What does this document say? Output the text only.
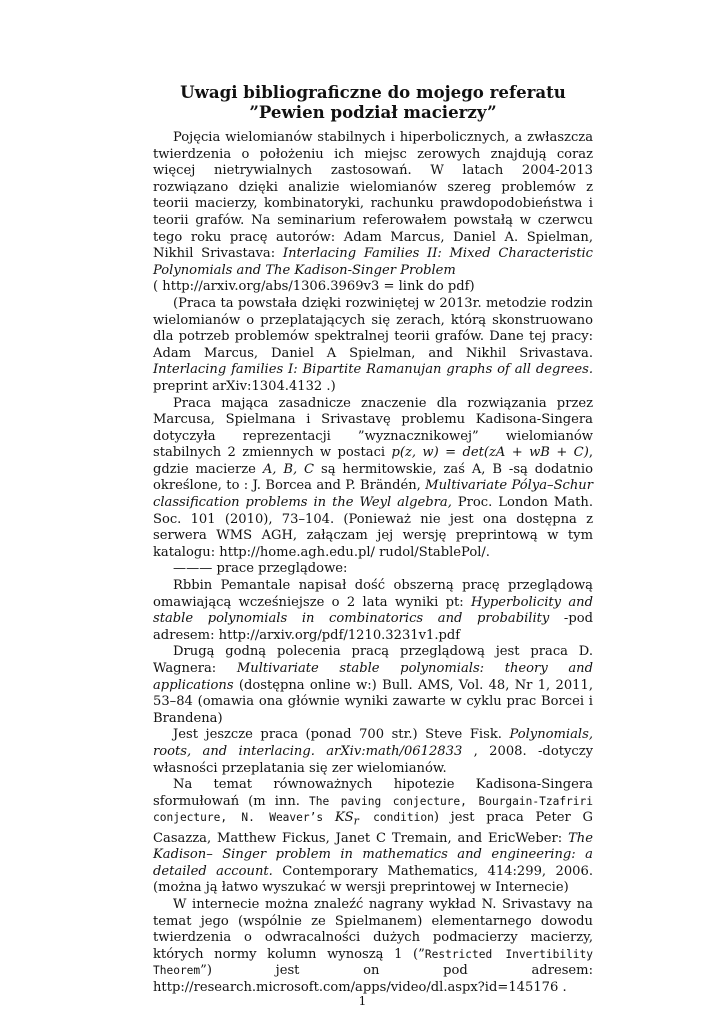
Uwagi bibliograficzne do mojego referatu ”Pewien podział macierzy”

Pojęcia wielomianów stabilnych i hiperbolicznych, a zwłaszcza twierdzenia o położeniu ich miejsc zerowych znajdują coraz więcej nietrywialnych zastosowań. W latach 2004-2013 rozwiązano dzięki analizie wielomianów szereg problemów z teorii macierzy, kombinatoryki, rachunku prawdopodobieństwa i teorii grafów. Na seminarium referowałem powstałą w czerwcu tego roku pracę autorów: Adam Marcus, Daniel A. Spielman, Nikhil Srivastava: Interlacing Families II: Mixed Characteristic Polynomials and The Kadison-Singer Problem

( http://arxiv.org/abs/1306.3969v3 = link do pdf)

(Praca ta powstała dzięki rozwiniętej w 2013r. metodzie rodzin wielomianów o przeplatających się zerach, którą skonstruowano dla potrzeb problemów spektralnej teorii grafów. Dane tej pracy: Adam Marcus, Daniel A Spielman, and Nikhil Srivastava. Interlacing families I: Bipartite Ramanujan graphs of all degrees. preprint arXiv:1304.4132 .)

Praca mająca zasadnicze znaczenie dla rozwiązania przez Marcusa, Spielmana i Srivastavę problemu Kadisona-Singera dotyczyła reprezentacji ”wyznacznikowej” wielomianów stabilnych 2 zmiennych w postaci p(z, w) = det(zA + wB + C), gdzie macierze A, B, C są hermitowskie, zaś A, B -są dodatnio określone, to : J. Borcea and P. Brändén, Multivariate Pólya–Schur classification problems in the Weyl algebra, Proc. London Math. Soc. 101 (2010), 73–104. (Ponieważ nie jest ona dostępna z serwera WMS AGH, załączam jej wersję preprintową w tym katalogu: http://home.agh.edu.pl/ rudol/StablePol/.

——— prace przeglądowe:

Rbbin Pemantale napisał dość obszerną pracę przeglądową omawiającą wcześniejsze o 2 lata wyniki pt: Hyperbolicity and stable polynomials in combinatorics and probability -pod adresem: http://arxiv.org/pdf/1210.3231v1.pdf

Drugą godną polecenia pracą przeglądową jest praca D. Wagnera: Multivariate stable polynomials: theory and applications (dostępna online w:) Bull. AMS, Vol. 48, Nr 1, 2011, 53–84 (omawia ona głównie wyniki zawarte w cyklu prac Borcei i Brandena)

Jest jeszcze praca (ponad 700 str.) Steve Fisk. Polynomials, roots, and interlacing. arXiv:math/0612833 , 2008. -dotyczy własności przeplatania się zer wielomianów.

Na temat równoważnych hipotezie Kadisona-Singera sformułowań (m inn. The paving conjecture, Bourgain-Tzafriri conjecture, N. Weaver’s $KS_r$ condition) jest praca Peter G Casazza, Matthew Fickus, Janet C Tremain, and EricWeber: The Kadison– Singer problem in mathematics and engineering: a detailed account. Contemporary Mathematics, 414:299, 2006. (można ją łatwo wyszukać w wersji preprintowej w Internecie)

W internecie można znaleźć nagrany wykład N. Srivastavy na temat jego (wspólnie ze Spielmanem) elementarnego dowodu twierdzenia o odwracalności dużych podmacierzy macierzy, których normy kolumn wynoszą 1 (”Restricted Invertibility Theorem”) jest on pod adresem: http://research.microsoft.com/apps/video/dl.aspx?id=145176 .

1
